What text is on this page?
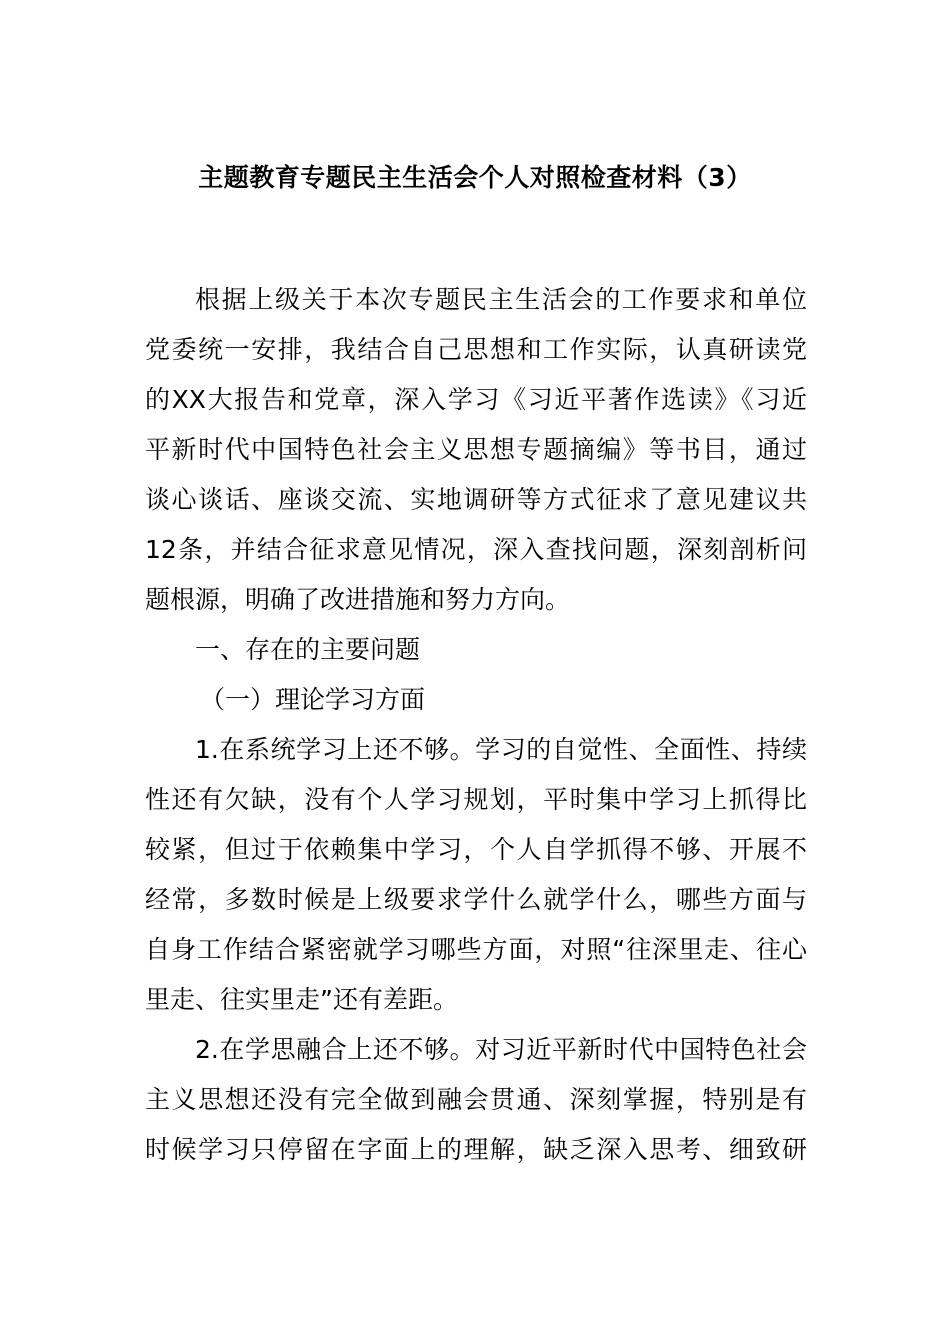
主题教育专题民主生活会个人对照检查材料（3）
根据上级关于本次专题民主生活会的工作要求和单位
党委统一安排，我结合自己思想和工作实际，认真研读党
的XX大报告和党章，深入学习《习近平著作选读》《习近
平新时代中国特色社会主义思想专题摘编》等书目，通过
谈心谈话、座谈交流、实地调研等方式征求了意见建议共
12条，并结合征求意见情况，深入查找问题，深刻剖析问
题根源，明确了改进措施和努力方向。
一、存在的主要问题
（一）理论学习方面
1.在系统学习上还不够。学习的自觉性、全面性、持续
性还有欠缺，没有个人学习规划，平时集中学习上抓得比
较紧，但过于依赖集中学习，个人自学抓得不够、开展不
经常，多数时候是上级要求学什么就学什么，哪些方面与
自身工作结合紧密就学习哪些方面，对照“往深里走、往心
里走、往实里走”还有差距。
2.在学思融合上还不够。对习近平新时代中国特色社会
主义思想还没有完全做到融会贯通、深刻掌握，特别是有
时候学习只停留在字面上的理解，缺乏深入思考、细致研
